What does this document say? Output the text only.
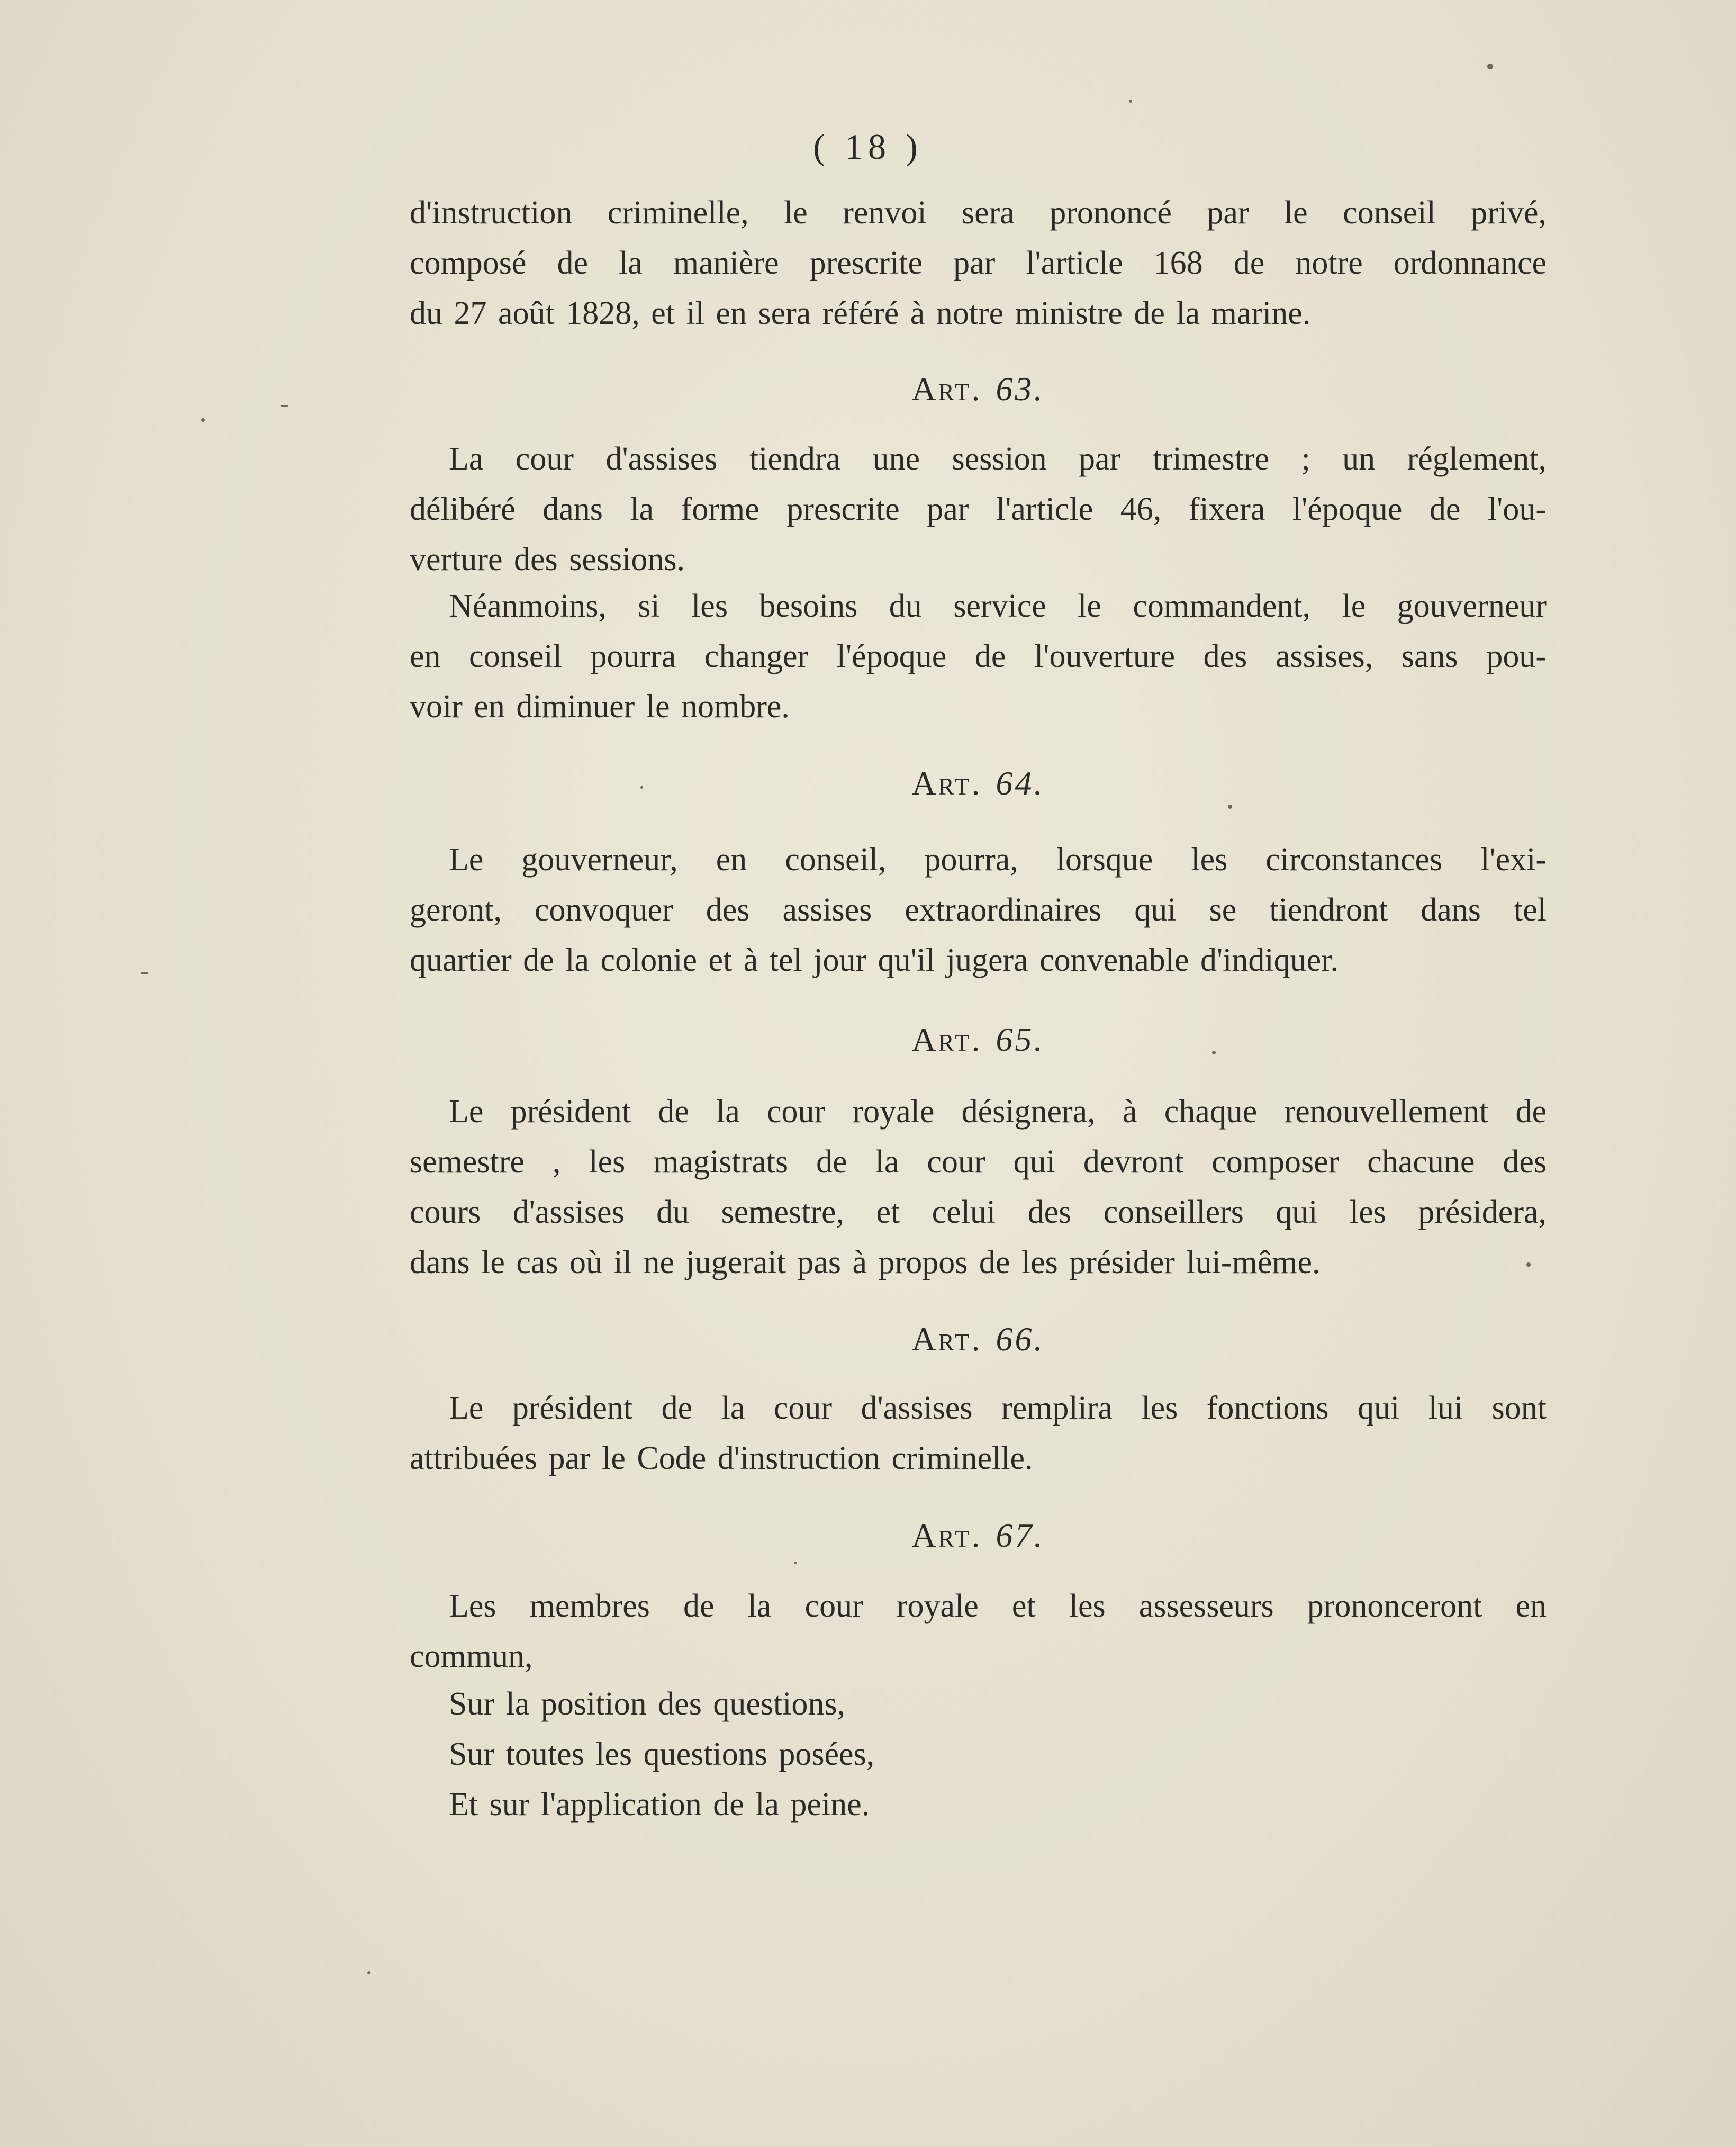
( 18 )
d'instruction criminelle, le renvoi sera prononcé par le conseil privé,
composé de la manière prescrite par l'article 168 de notre ordonnance
du 27 août 1828, et il en sera référé à notre ministre de la marine.
Art. 63.
La cour d'assises tiendra une session par trimestre ; un réglement,
délibéré dans la forme prescrite par l'article 46, fixera l'époque de l'ou-
verture des sessions.
Néanmoins, si les besoins du service le commandent, le gouverneur
en conseil pourra changer l'époque de l'ouverture des assises, sans pou-
voir en diminuer le nombre.
Art. 64.
Le gouverneur, en conseil, pourra, lorsque les circonstances l'exi-
geront, convoquer des assises extraordinaires qui se tiendront dans tel
quartier de la colonie et à tel jour qu'il jugera convenable d'indiquer.
Art. 65.
Le président de la cour royale désignera, à chaque renouvellement de
semestre , les magistrats de la cour qui devront composer chacune des
cours d'assises du semestre, et celui des conseillers qui les présidera,
dans le cas où il ne jugerait pas à propos de les présider lui-même.
Art. 66.
Le président de la cour d'assises remplira les fonctions qui lui sont
attribuées par le Code d'instruction criminelle.
Art. 67.
Les membres de la cour royale et les assesseurs prononceront en
commun,
Sur la position des questions,
Sur toutes les questions posées,
Et sur l'application de la peine.
